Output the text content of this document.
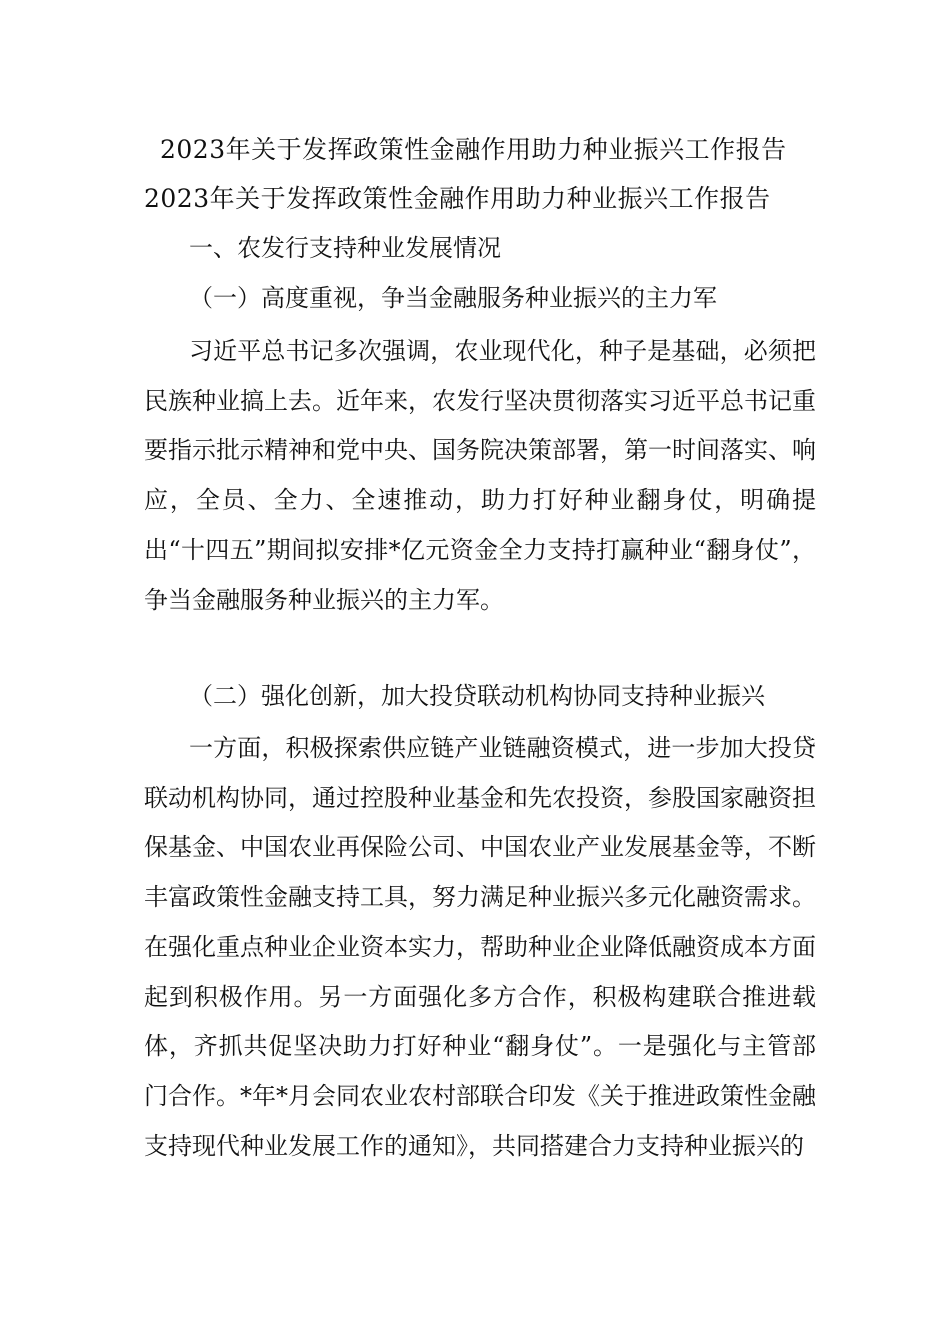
2023年关于发挥政策性金融作用助力种业振兴工作报告
2023年关于发挥政策性金融作用助力种业振兴工作报告
一、农发行支持种业发展情况
（一）高度重视，争当金融服务种业振兴的主力军

习近平总书记多次强调，农业现代化，种子是基础，必须把民族种业搞上去。近年来，农发行坚决贯彻落实习近平总书记重要指示批示精神和党中央、国务院决策部署，第一时间落实、响应，全员、全力、全速推动，助力打好种业翻身仗，明确提出“十四五”期间拟安排*亿元资金全力支持打赢种业“翻身仗”，争当金融服务种业振兴的主力军。

（二）强化创新，加大投贷联动机构协同支持种业振兴

一方面，积极探索供应链产业链融资模式，进一步加大投贷联动机构协同，通过控股种业基金和先农投资，参股国家融资担保基金、中国农业再保险公司、中国农业产业发展基金等，不断丰富政策性金融支持工具，努力满足种业振兴多元化融资需求。在强化重点种业企业资本实力，帮助种业企业降低融资成本方面起到积极作用。另一方面强化多方合作，积极构建联合推进载体，齐抓共促坚决助力打好种业“翻身仗”。一是强化与主管部门合作。*年*月会同农业农村部联合印发《关于推进政策性金融支持现代种业发展工作的通知》，共同搭建合力支持种业振兴的
